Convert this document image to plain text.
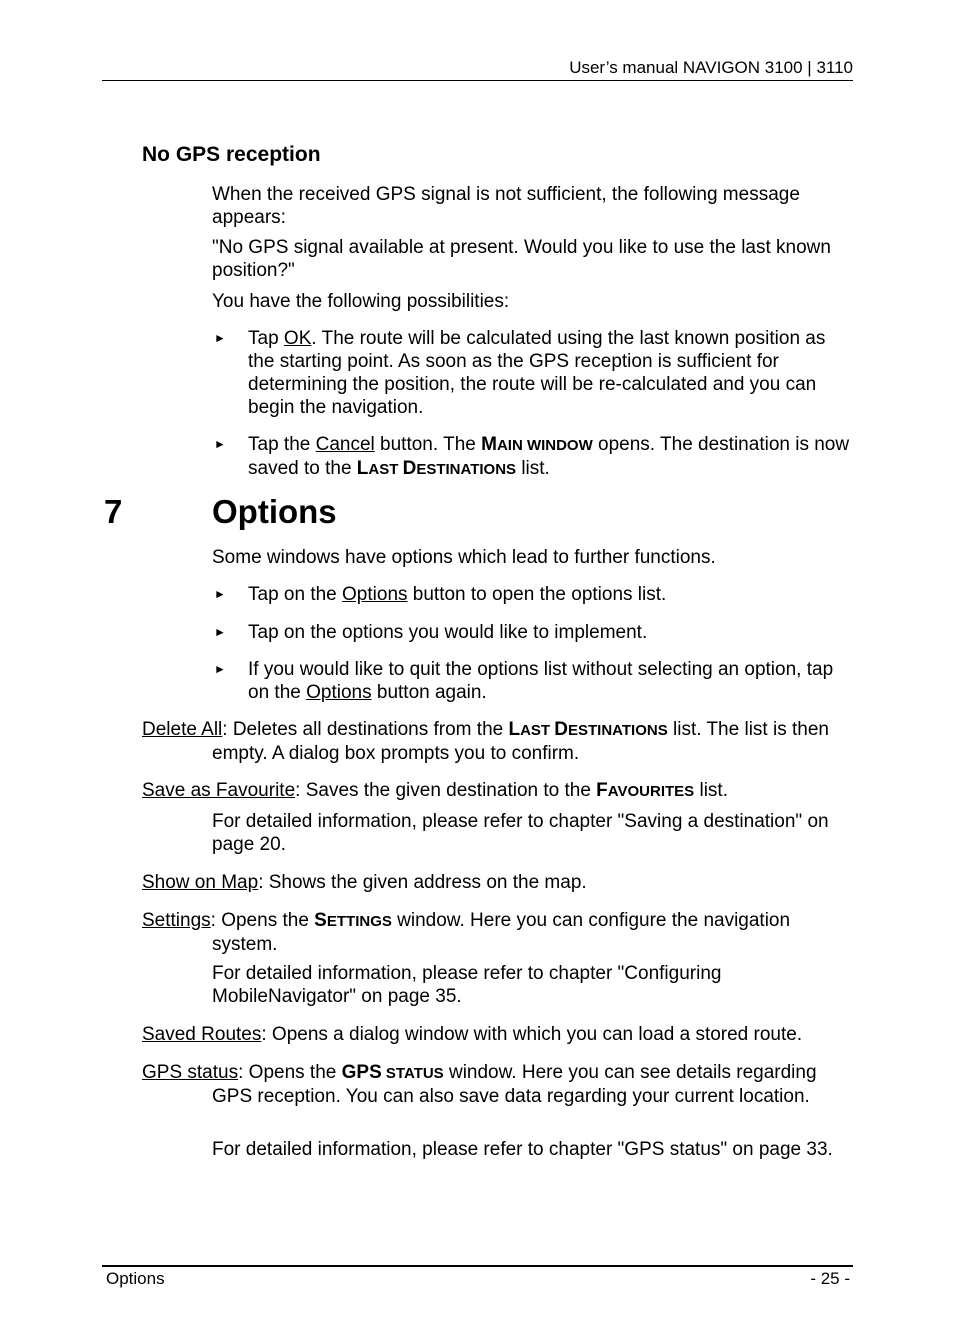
User’s manual NAVIGON 3100 | 3110
No GPS reception
When the received GPS signal is not sufficient, the following message appears:
"No GPS signal available at present. Would you like to use the last known position?"
You have the following possibilities:
► Tap OK. The route will be calculated using the last known position as the starting point. As soon as the GPS reception is sufficient for determining the position, the route will be re-calculated and you can begin the navigation.
► Tap the Cancel button. The MAIN WINDOW opens. The destination is now saved to the LAST DESTINATIONS list.
7	Options
Some windows have options which lead to further functions.
► Tap on the Options button to open the options list.
► Tap on the options you would like to implement.
► If you would like to quit the options list without selecting an option, tap on the Options button again.
Delete All: Deletes all destinations from the LAST DESTINATIONS list. The list is then empty. A dialog box prompts you to confirm.
Save as Favourite: Saves the given destination to the FAVOURITES list.
For detailed information, please refer to chapter "Saving a destination" on page 20.
Show on Map: Shows the given address on the map.
Settings: Opens the SETTINGS window. Here you can configure the navigation system.
For detailed information, please refer to chapter "Configuring MobileNavigator" on page 35.
Saved Routes: Opens a dialog window with which you can load a stored route.
GPS status: Opens the GPS STATUS window. Here you can see details regarding GPS reception. You can also save data regarding your current location.
For detailed information, please refer to chapter "GPS status" on page 33.
Options	- 25 -
